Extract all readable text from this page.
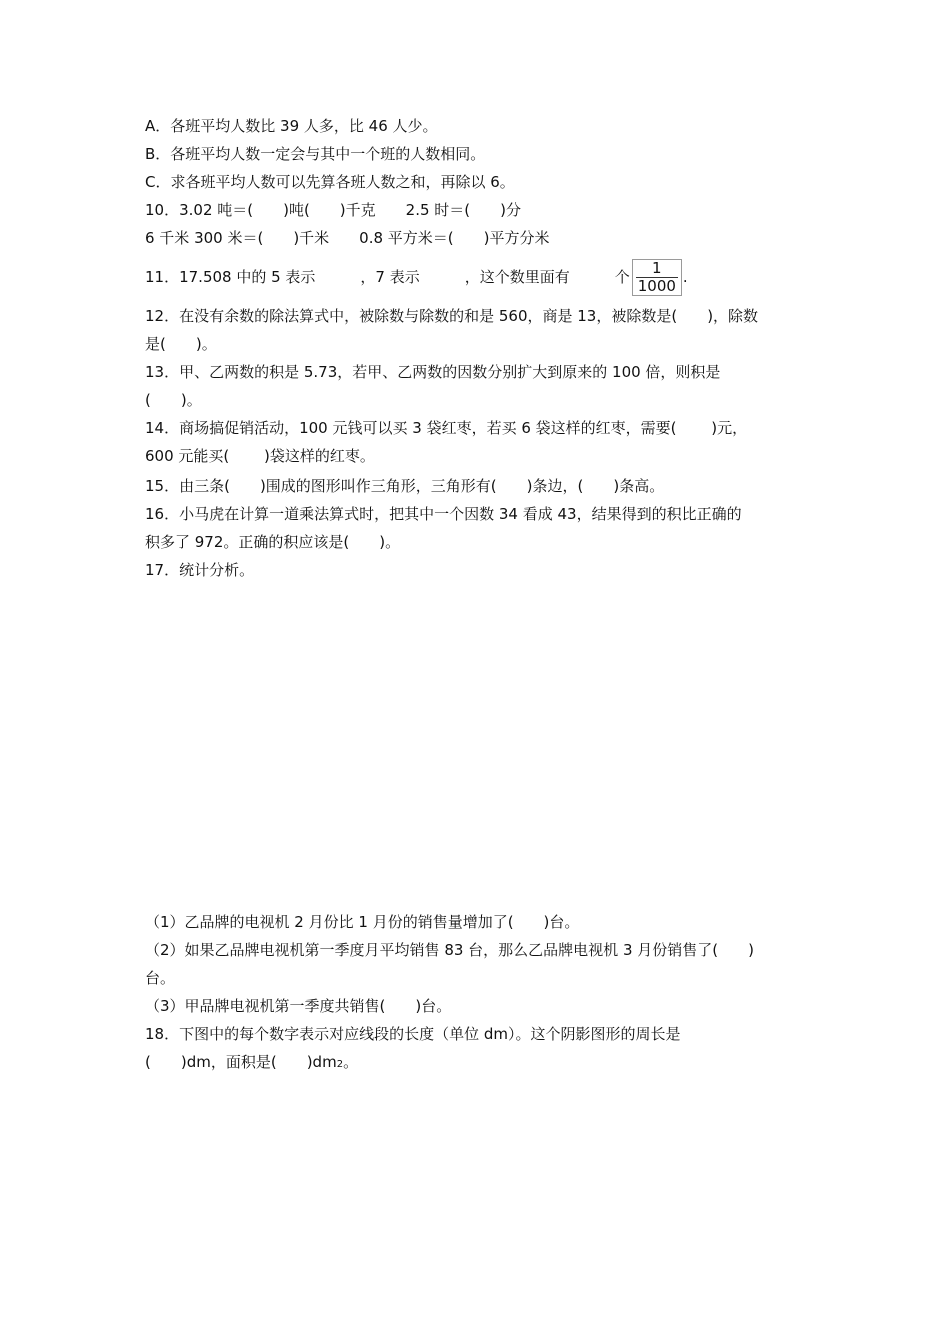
A．各班平均人数比 39 人多，比 46 人少。
B．各班平均人数一定会与其中一个班的人数相同。
C．求各班平均人数可以先算各班人数之和，再除以 6。
10．3.02 吨＝(　　)吨(　　)千克　　2.5 时＝(　　)分
6 千米 300 米＝(　　)千米　　0.8 平方米＝(　　)平方分米
11．17.508 中的 5 表示　　　，7 表示　　　，这个数里面有　　　个 $\frac{1}{1000}$ .
12．在没有余数的除法算式中，被除数与除数的和是 560，商是 13，被除数是(　　)，除数
是(　　)。
13．甲、乙两数的积是 5.73，若甲、乙两数的因数分别扩大到原来的 100 倍，则积是
(　　)。
14．商场搞促销活动，100 元钱可以买 3 袋红枣，若买 6 袋这样的红枣，需要(　　 )元，
600 元能买(　　 )袋这样的红枣。
15．由三条(　　)围成的图形叫作三角形，三角形有(　　)条边，(　　)条高。
16．小马虎在计算一道乘法算式时，把其中一个因数 34 看成 43，结果得到的积比正确的
积多了 972。正确的积应该是(　　)。
17．统计分析。
（1）乙品牌的电视机 2 月份比 1 月份的销售量增加了(　　)台。
（2）如果乙品牌电视机第一季度月平均销售 83 台，那么乙品牌电视机 3 月份销售了(　　)
台。
（3）甲品牌电视机第一季度共销售(　　)台。
18．下图中的每个数字表示对应线段的长度（单位 dm）。这个阴影图形的周长是
(　　)dm，面积是(　　)dm2。
